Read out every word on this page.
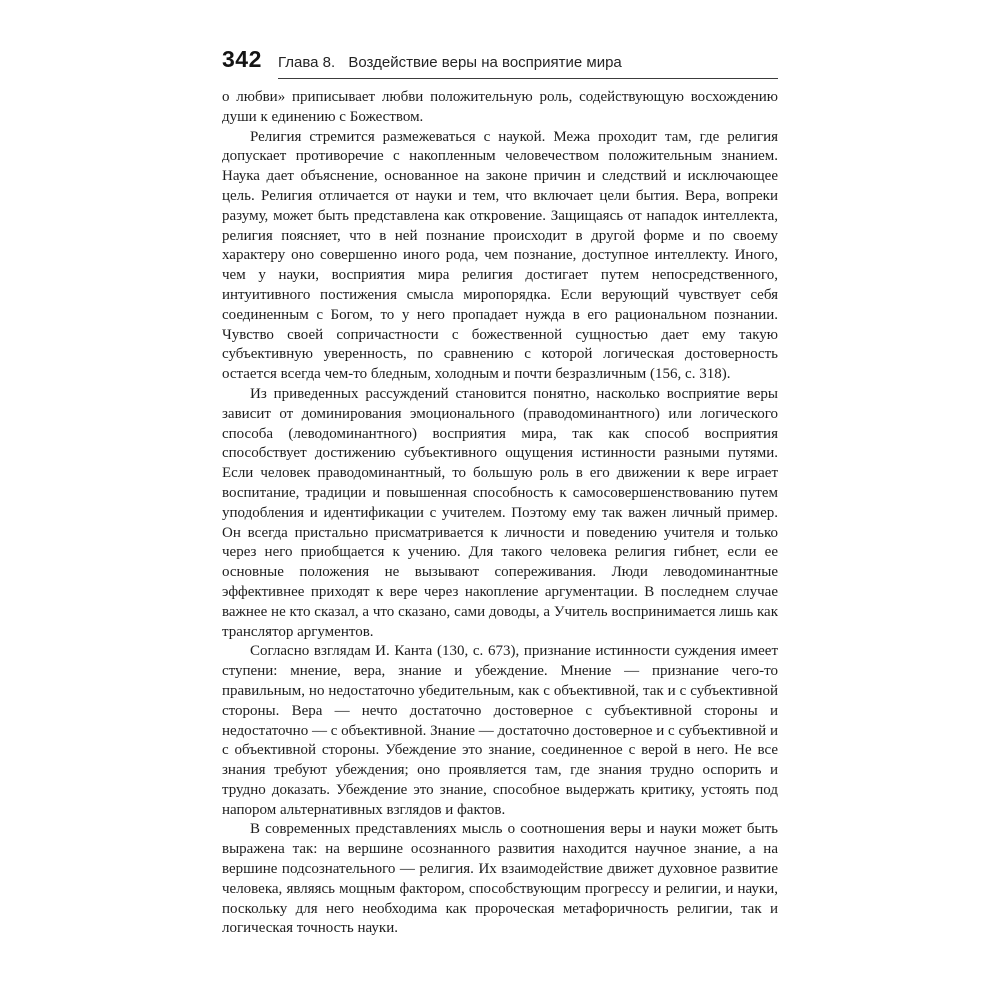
342	Глава 8. Воздействие веры на восприятие мира

о любви» приписывает любви положительную роль, содействующую восхождению души к единению с Божеством.

Религия стремится размежеваться с наукой. Межа проходит там, где религия допускает противоречие с накопленным человечеством положительным знанием. Наука дает объяснение, основанное на законе причин и следствий и исключающее цель. Религия отличается от науки и тем, что включает цели бытия. Вера, вопреки разуму, может быть представлена как откровение. Защищаясь от нападок интеллекта, религия поясняет, что в ней познание происходит в другой форме и по своему характеру оно совершенно иного рода, чем познание, доступное интеллекту. Иного, чем у науки, восприятия мира религия достигает путем непосредственного, интуитивного постижения смысла миропорядка. Если верующий чувствует себя соединенным с Богом, то у него пропадает нужда в его рациональном познании. Чувство своей сопричастности с божественной сущностью дает ему такую субъективную уверенность, по сравнению с которой логическая достоверность остается всегда чем-то бледным, холодным и почти безразличным (156, с. 318).

Из приведенных рассуждений становится понятно, насколько восприятие веры зависит от доминирования эмоционального (праводоминантного) или логического способа (леводоминантного) восприятия мира, так как способ восприятия способствует достижению субъективного ощущения истинности разными путями. Если человек праводоминантный, то большую роль в его движении к вере играет воспитание, традиции и повышенная способность к самосовершенствованию путем уподобления и идентификации с учителем. Поэтому ему так важен личный пример. Он всегда пристально присматривается к личности и поведению учителя и только через него приобщается к учению. Для такого человека религия гибнет, если ее основные положения не вызывают сопереживания. Люди леводоминантные эффективнее приходят к вере через накопление аргументации. В последнем случае важнее не кто сказал, а что сказано, сами доводы, а Учитель воспринимается лишь как транслятор аргументов.

Согласно взглядам И. Канта (130, с. 673), признание истинности суждения имеет ступени: мнение, вера, знание и убеждение. Мнение — признание чего-то правильным, но недостаточно убедительным, как с объективной, так и с субъективной стороны. Вера — нечто достаточно достоверное с субъективной стороны и недостаточно — с объективной. Знание — достаточно достоверное и с субъективной и с объективной стороны. Убеждение это знание, соединенное с верой в него. Не все знания требуют убеждения; оно проявляется там, где знания трудно оспорить и трудно доказать. Убеждение это знание, способное выдержать критику, устоять под напором альтернативных взглядов и фактов.

В современных представлениях мысль о соотношения веры и науки может быть выражена так: на вершине осознанного развития находится научное знание, а на вершине подсознательного — религия. Их взаимодействие движет духовное развитие человека, являясь мощным фактором, способствующим прогрессу и религии, и науки, поскольку для него необходима как пророческая метафоричность религии, так и логическая точность науки.
